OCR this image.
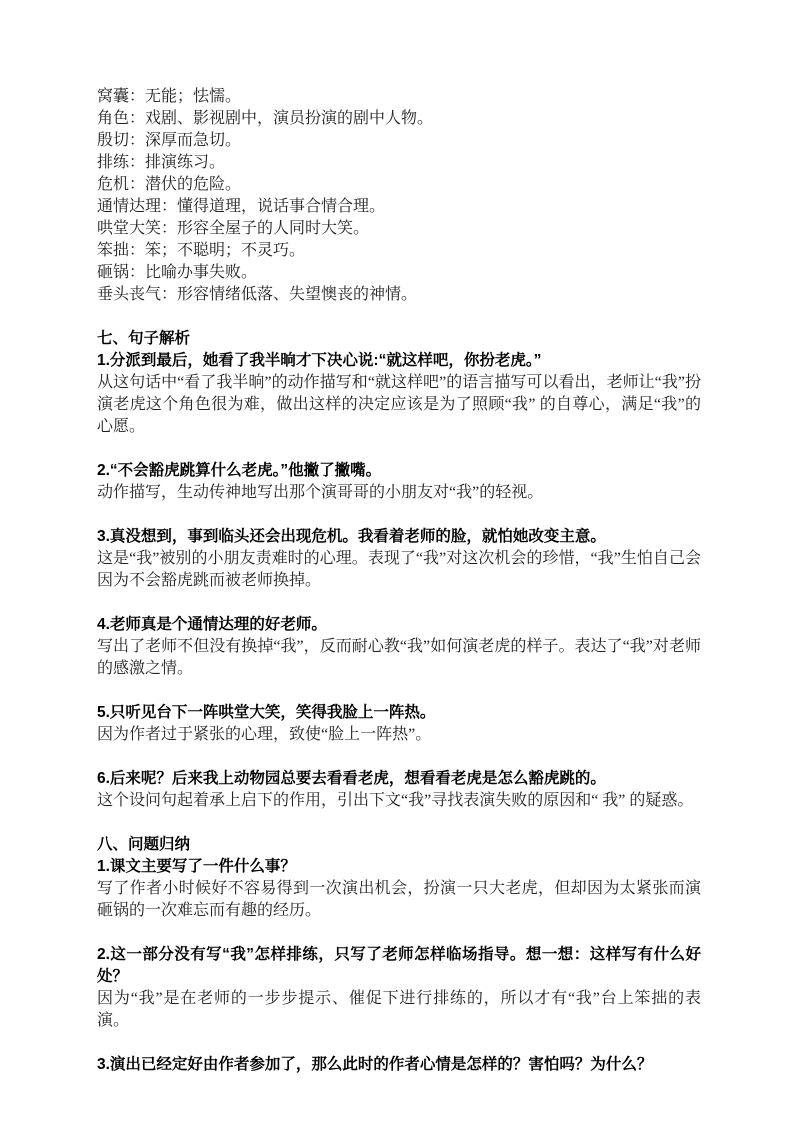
窝囊：无能；怯懦。

角色：戏剧、影视剧中，演员扮演的剧中人物。

殷切：深厚而急切。

排练：排演练习。

危机：潜伏的危险。

通情达理：懂得道理，说话事合情合理。

哄堂大笑：形容全屋子的人同时大笑。

笨拙：笨；不聪明；不灵巧。

砸锅：比喻办事失败。

垂头丧气：形容情绪低落、失望懊丧的神情。

七、句子解析

1.分派到最后，她看了我半晌才下决心说:“就这样吧，你扮老虎。”

从这句话中“看了我半晌”的动作描写和“就这样吧”的语言描写可以看出，老师让“我”扮演老虎这个角色很为难，做出这样的决定应该是为了照顾“我” 的自尊心，满足“我”的心愿。

2.“不会豁虎跳算什么老虎。”他撇了撇嘴。

动作描写，生动传神地写出那个演哥哥的小朋友对“我”的轻视。

3.真没想到，事到临头还会出现危机。我看着老师的脸，就怕她改变主意。

这是“我”被别的小朋友责难时的心理。表现了“我”对这次机会的珍惜，“我”生怕自己会因为不会豁虎跳而被老师换掉。

4.老师真是个通情达理的好老师。

写出了老师不但没有换掉“我”，反而耐心教“我”如何演老虎的样子。表达了“我”对老师的感激之情。

5.只听见台下一阵哄堂大笑，笑得我脸上一阵热。

因为作者过于紧张的心理，致使“脸上一阵热”。

6.后来呢？后来我上动物园总要去看看老虎，想看看老虎是怎么豁虎跳的。

这个设问句起着承上启下的作用，引出下文“我”寻找表演失败的原因和“ 我” 的疑惑。

八、问题归纳

1.课文主要写了一件什么事？

写了作者小时候好不容易得到一次演出机会，扮演一只大老虎，但却因为太紧张而演砸锅的一次难忘而有趣的经历。

2.这一部分没有写“我”怎样排练，只写了老师怎样临场指导。想一想：这样写有什么好处？

因为“我”是在老师的一步步提示、催促下进行排练的，所以才有“我”台上笨拙的表演。

3.演出已经定好由作者参加了，那么此时的作者心情是怎样的？害怕吗？为什么？
